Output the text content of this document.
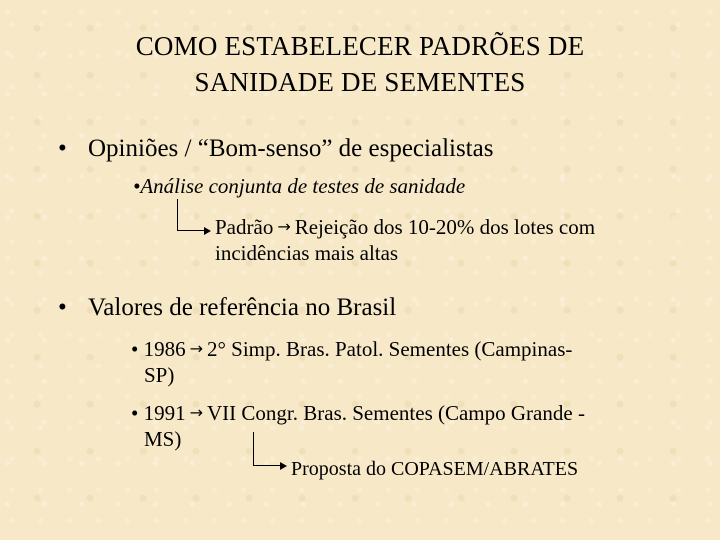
COMO ESTABELECER PADRÕES DE
SANIDADE DE SEMENTES
• Opiniões / “Bom-senso” de especialistas
•Análise conjunta de testes de sanidade
Padrão → Rejeição dos 10-20% dos lotes com
incidências mais altas
• Valores de referência no Brasil
• 1986 → 2° Simp. Bras. Patol. Sementes (Campinas-
SP)
• 1991 → VII Congr. Bras. Sementes (Campo Grande -
MS)
Proposta do COPASEM/ABRATES
